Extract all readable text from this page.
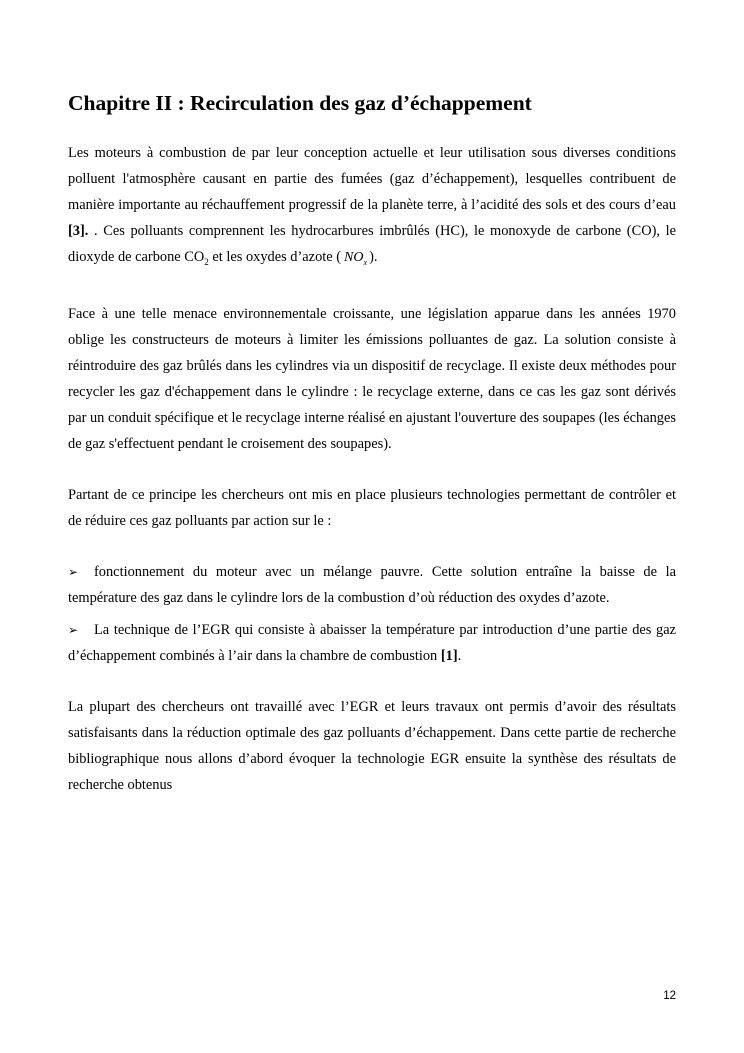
Chapitre II : Recirculation des gaz d’échappement

Les moteurs à combustion de par leur conception actuelle et leur utilisation sous diverses conditions polluent l'atmosphère causant en partie des fumées (gaz d’échappement), lesquelles contribuent de manière importante au réchauffement progressif de la planète terre, à l’acidité des sols et des cours d’eau [3]. . Ces polluants comprennent les hydrocarbures imbrûlés (HC), le monoxyde de carbone (CO), le dioxyde de carbone $CO_2$ et les oxydes d’azote ( $NO_x$ ).

Face à une telle menace environnementale croissante, une législation apparue dans les années 1970 oblige les constructeurs de moteurs à limiter les émissions polluantes de gaz. La solution consiste à réintroduire des gaz brûlés dans les cylindres via un dispositif de recyclage. Il existe deux méthodes pour recycler les gaz d'échappement dans le cylindre : le recyclage externe, dans ce cas les gaz sont dérivés par un conduit spécifique et le recyclage interne réalisé en ajustant l'ouverture des soupapes (les échanges de gaz s'effectuent pendant le croisement des soupapes).

Partant de ce principe les chercheurs ont mis en place plusieurs technologies permettant de contrôler et de réduire ces gaz polluants par action sur le :

➢ fonctionnement du moteur avec un mélange pauvre. Cette solution entraîne la baisse de la température des gaz dans le cylindre lors de la combustion d’où réduction des oxydes d’azote.

➢ La technique de l’EGR qui consiste à abaisser la température par introduction d’une partie des gaz d’échappement combinés à l’air dans la chambre de combustion [1].

La plupart des chercheurs ont travaillé avec l’EGR et leurs travaux ont permis d’avoir des résultats satisfaisants dans la réduction optimale des gaz polluants d’échappement. Dans cette partie de recherche bibliographique nous allons d’abord évoquer la technologie EGR ensuite la synthèse des résultats de recherche obtenus

12
